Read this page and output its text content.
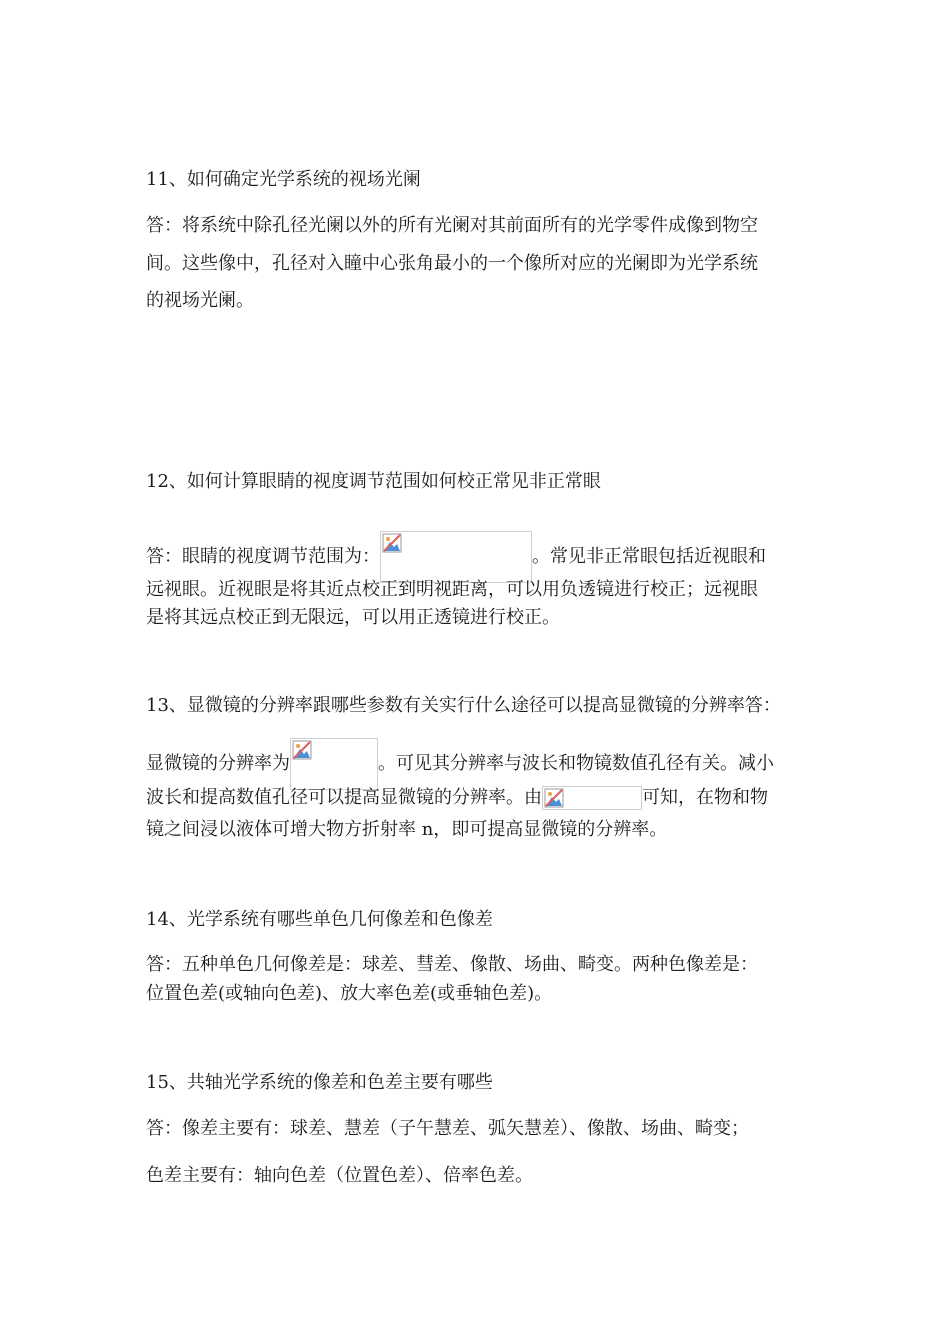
11、如何确定光学系统的视场光阑
答：将系统中除孔径光阑以外的所有光阑对其前面所有的光学零件成像到物空
间。这些像中，孔径对入瞳中心张角最小的一个像所对应的光阑即为光学系统
的视场光阑。
12、如何计算眼睛的视度调节范围如何校正常见非正常眼
答：眼睛的视度调节范围为：	。常见非正常眼包括近视眼和
远视眼。近视眼是将其近点校正到明视距离，可以用负透镜进行校正；远视眼
是将其远点校正到无限远，可以用正透镜进行校正。
13、显微镜的分辨率跟哪些参数有关实行什么途径可以提高显微镜的分辨率答：
显微镜的分辨率为	。可见其分辨率与波长和物镜数值孔径有关。减小
波长和提高数值孔径可以提高显微镜的分辨率。由	可知，在物和物
镜之间浸以液体可增大物方折射率 n，即可提高显微镜的分辨率。
14、光学系统有哪些单色几何像差和色像差
答：五种单色几何像差是：球差、彗差、像散、场曲、畸变。两种色像差是：
位置色差(或轴向色差)、放大率色差(或垂轴色差)。
15、共轴光学系统的像差和色差主要有哪些
答：像差主要有：球差、慧差（子午慧差、弧矢慧差）、像散、场曲、畸变；
色差主要有：轴向色差（位置色差）、倍率色差。
